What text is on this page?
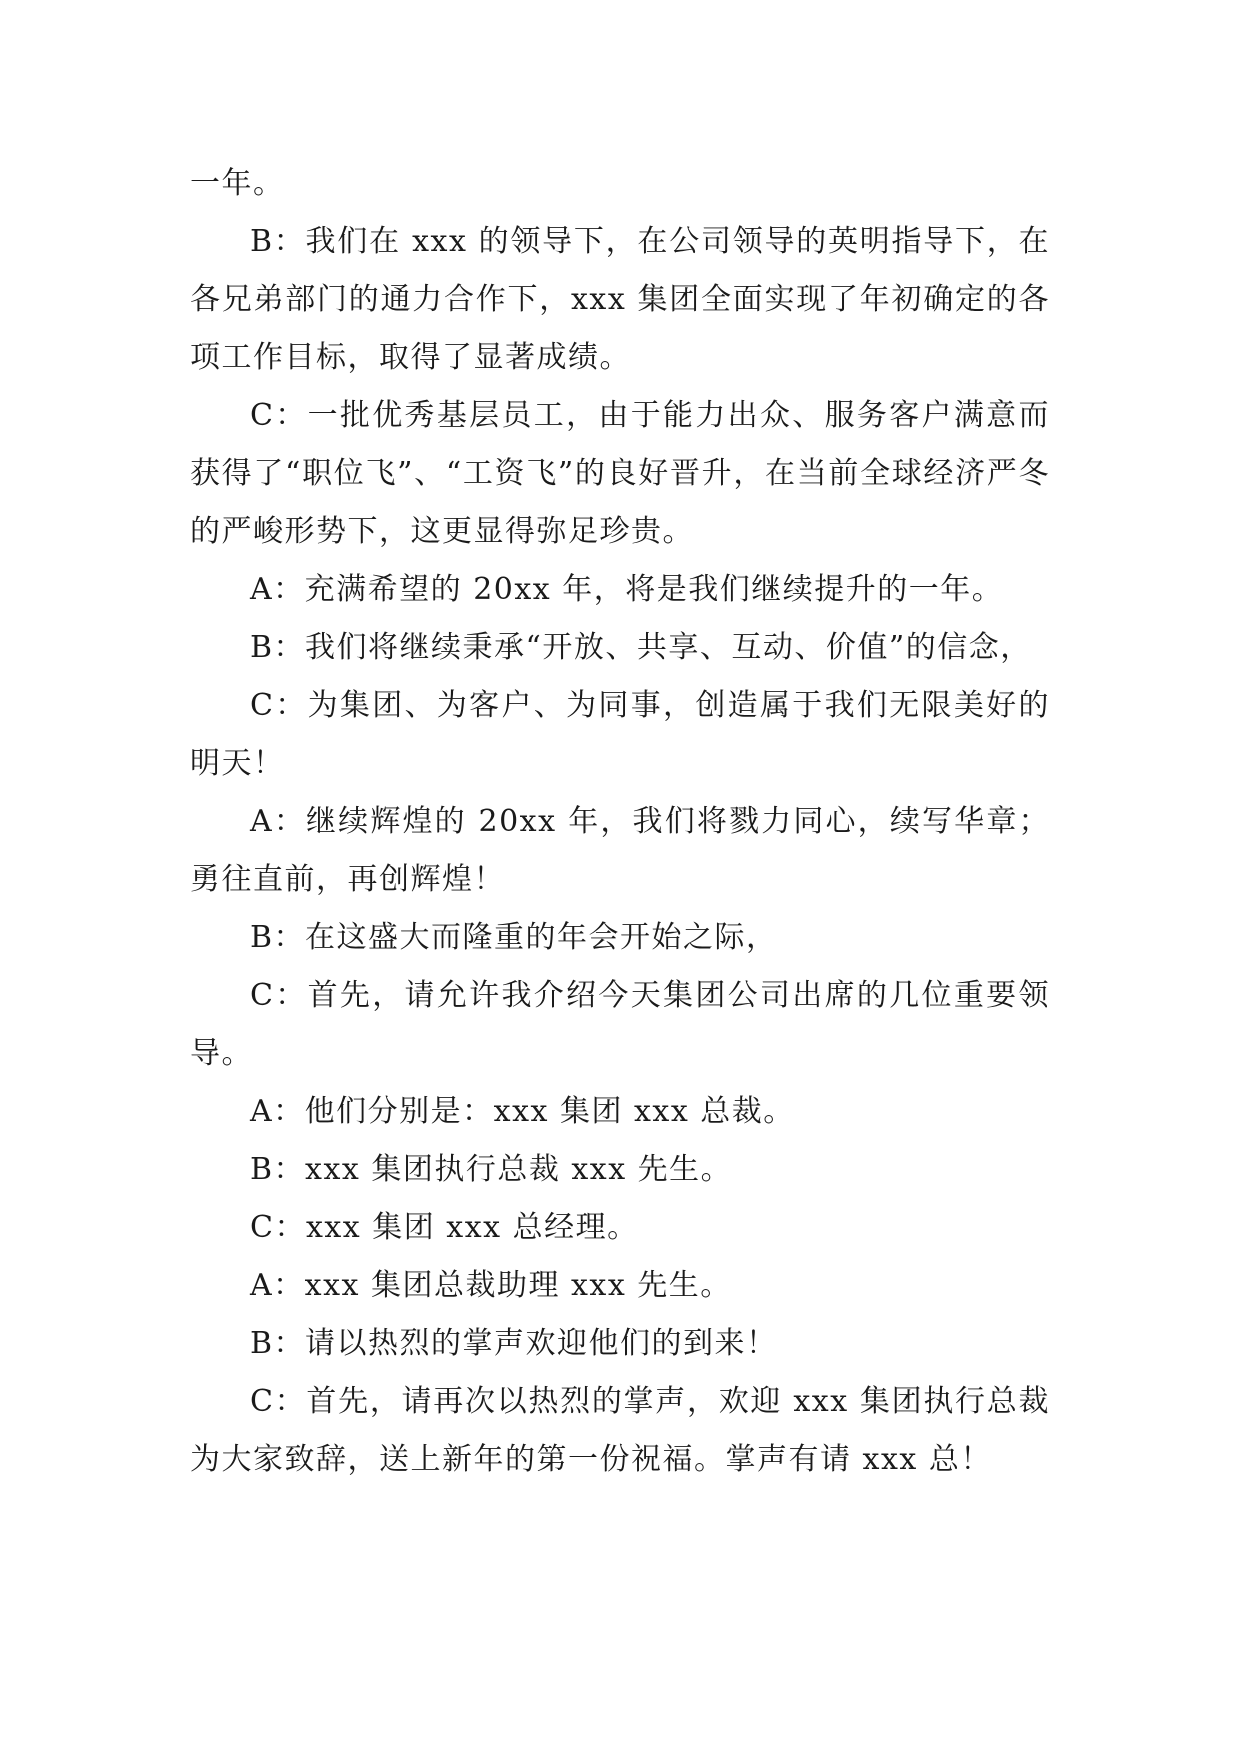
一年。

B：我们在 xxx 的领导下，在公司领导的英明指导下，在各兄弟部门的通力合作下，xxx 集团全面实现了年初确定的各项工作目标，取得了显著成绩。

C：一批优秀基层员工，由于能力出众、服务客户满意而获得了“职位飞”、“工资飞”的良好晋升，在当前全球经济严冬的严峻形势下，这更显得弥足珍贵。

A：充满希望的 20xx 年，将是我们继续提升的一年。

B：我们将继续秉承“开放、共享、互动、价值”的信念，

C：为集团、为客户、为同事，创造属于我们无限美好的明天！

A：继续辉煌的 20xx 年，我们将戮力同心，续写华章；勇往直前，再创辉煌！

B：在这盛大而隆重的年会开始之际，

C：首先，请允许我介绍今天集团公司出席的几位重要领导。

A：他们分别是：xxx 集团 xxx 总裁。

B：xxx 集团执行总裁 xxx 先生。

C：xxx 集团 xxx 总经理。

A：xxx 集团总裁助理 xxx 先生。

B：请以热烈的掌声欢迎他们的到来！

C：首先，请再次以热烈的掌声，欢迎 xxx 集团执行总裁为大家致辞，送上新年的第一份祝福。掌声有请 xxx 总！
